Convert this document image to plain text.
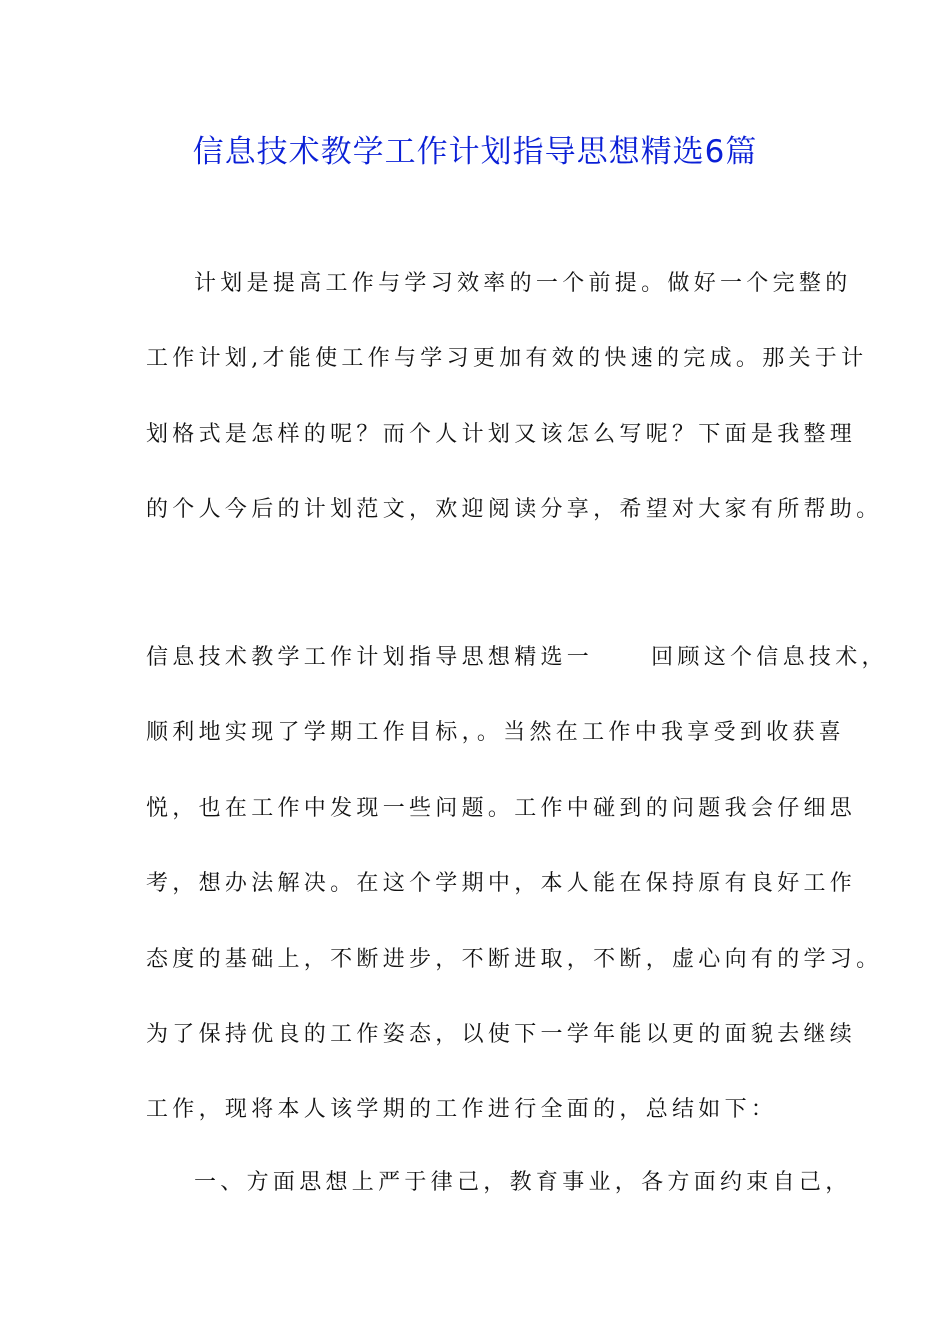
信息技术教学工作计划指导思想精选6篇
计划是提高工作与学习效率的一个前提。做好一个完整的
工作计划,才能使工作与学习更加有效的快速的完成。那关于计
划格式是怎样的呢？而个人计划又该怎么写呢？下面是我整理
的个人今后的计划范文，欢迎阅读分享，希望对大家有所帮助。
信息技术教学工作计划指导思想精选一	回顾这个信息技术，
顺利地实现了学期工作目标，。当然在工作中我享受到收获喜
悦，也在工作中发现一些问题。工作中碰到的问题我会仔细思
考，想办法解决。在这个学期中，本人能在保持原有良好工作
态度的基础上，不断进步，不断进取，不断，虚心向有的学习。
为了保持优良的工作姿态，以使下一学年能以更的面貌去继续
工作，现将本人该学期的工作进行全面的，总结如下：
一、方面思想上严于律己，教育事业，各方面约束自己，
